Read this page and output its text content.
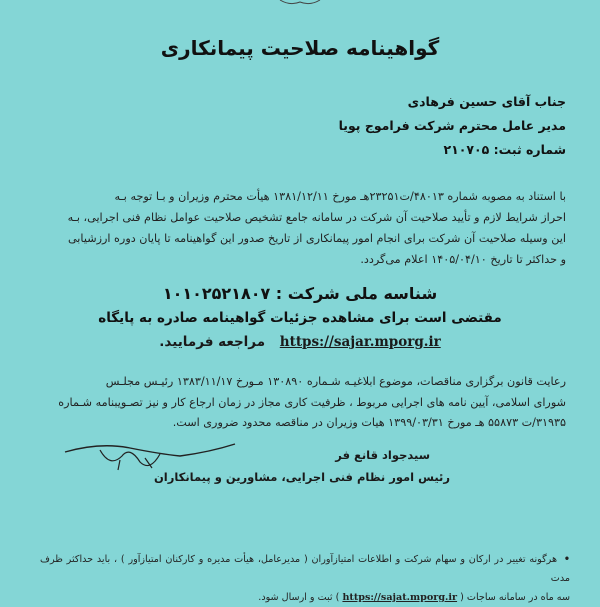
گواهینامه صلاحیت پیمانکاری
جناب آقای حسین فرهادی
مدیر عامل محترم شرکت فراموج پویا
شماره ثبت: ۲۱۰۷۰۵
با استناد به مصوبه شماره ۴۸۰۱۳/ت۲۳۲۵۱هـ مورخ ۱۳۸۱/۱۲/۱۱ هیأت محترم وزیران و بـا توجه بـه
احراز شرایط لازم و تأیید صلاحیت آن شرکت در سامانه جامع تشخیص صلاحیت عوامل نظام فنی اجرایی، بـه
این وسیله صلاحیت آن شرکت برای انجام امور پیمانکاری از تاریخ صدور این گواهینامه تا پایان دوره ارزشیابی
و حداکثر تا تاریخ ۱۴۰۵/۰۴/۱۰ اعلام می‌گردد.
شناسه ملی شرکت : ۱۰۱۰۲۵۲۱۸۰۷
مقتضی است برای مشاهده جزئیات گواهینامه صادره به پایگاه
https://sajar.mporg.ir مراجعه فرمایید.
رعایت قانون برگزاری مناقصات، موضوع ابلاغیـه شـماره ۱۳۰۸۹۰ مـورخ ۱۳۸۳/۱۱/۱۷ رئیـس مجلـس
شورای اسلامی، آیین نامه های اجرایی مربوط ، ظرفیت کاری مجاز در زمان ارجاع کار و نیز تصـویبنامه شـماره
۳۱۹۳۵/ت ۵۵۸۷۳ هـ مورخ ۱۳۹۹/۰۳/۳۱ هیات وزیران در مناقصه محدود ضروری است.
سیدجواد قانع فر
رئیس امور نظام فنی اجرایی، مشاورین و پیمانکاران
• هرگونه تغییر در ارکان و سهام شرکت و اطلاعات امتیازآوران ( مدیرعامل، هیأت مدیره و کارکنان امتیازآور ) ، باید حداکثر ظرف مدت
سه ماه در سامانه ساجات ( https://sajat.mporg.ir ) ثبت و ارسال شود.
